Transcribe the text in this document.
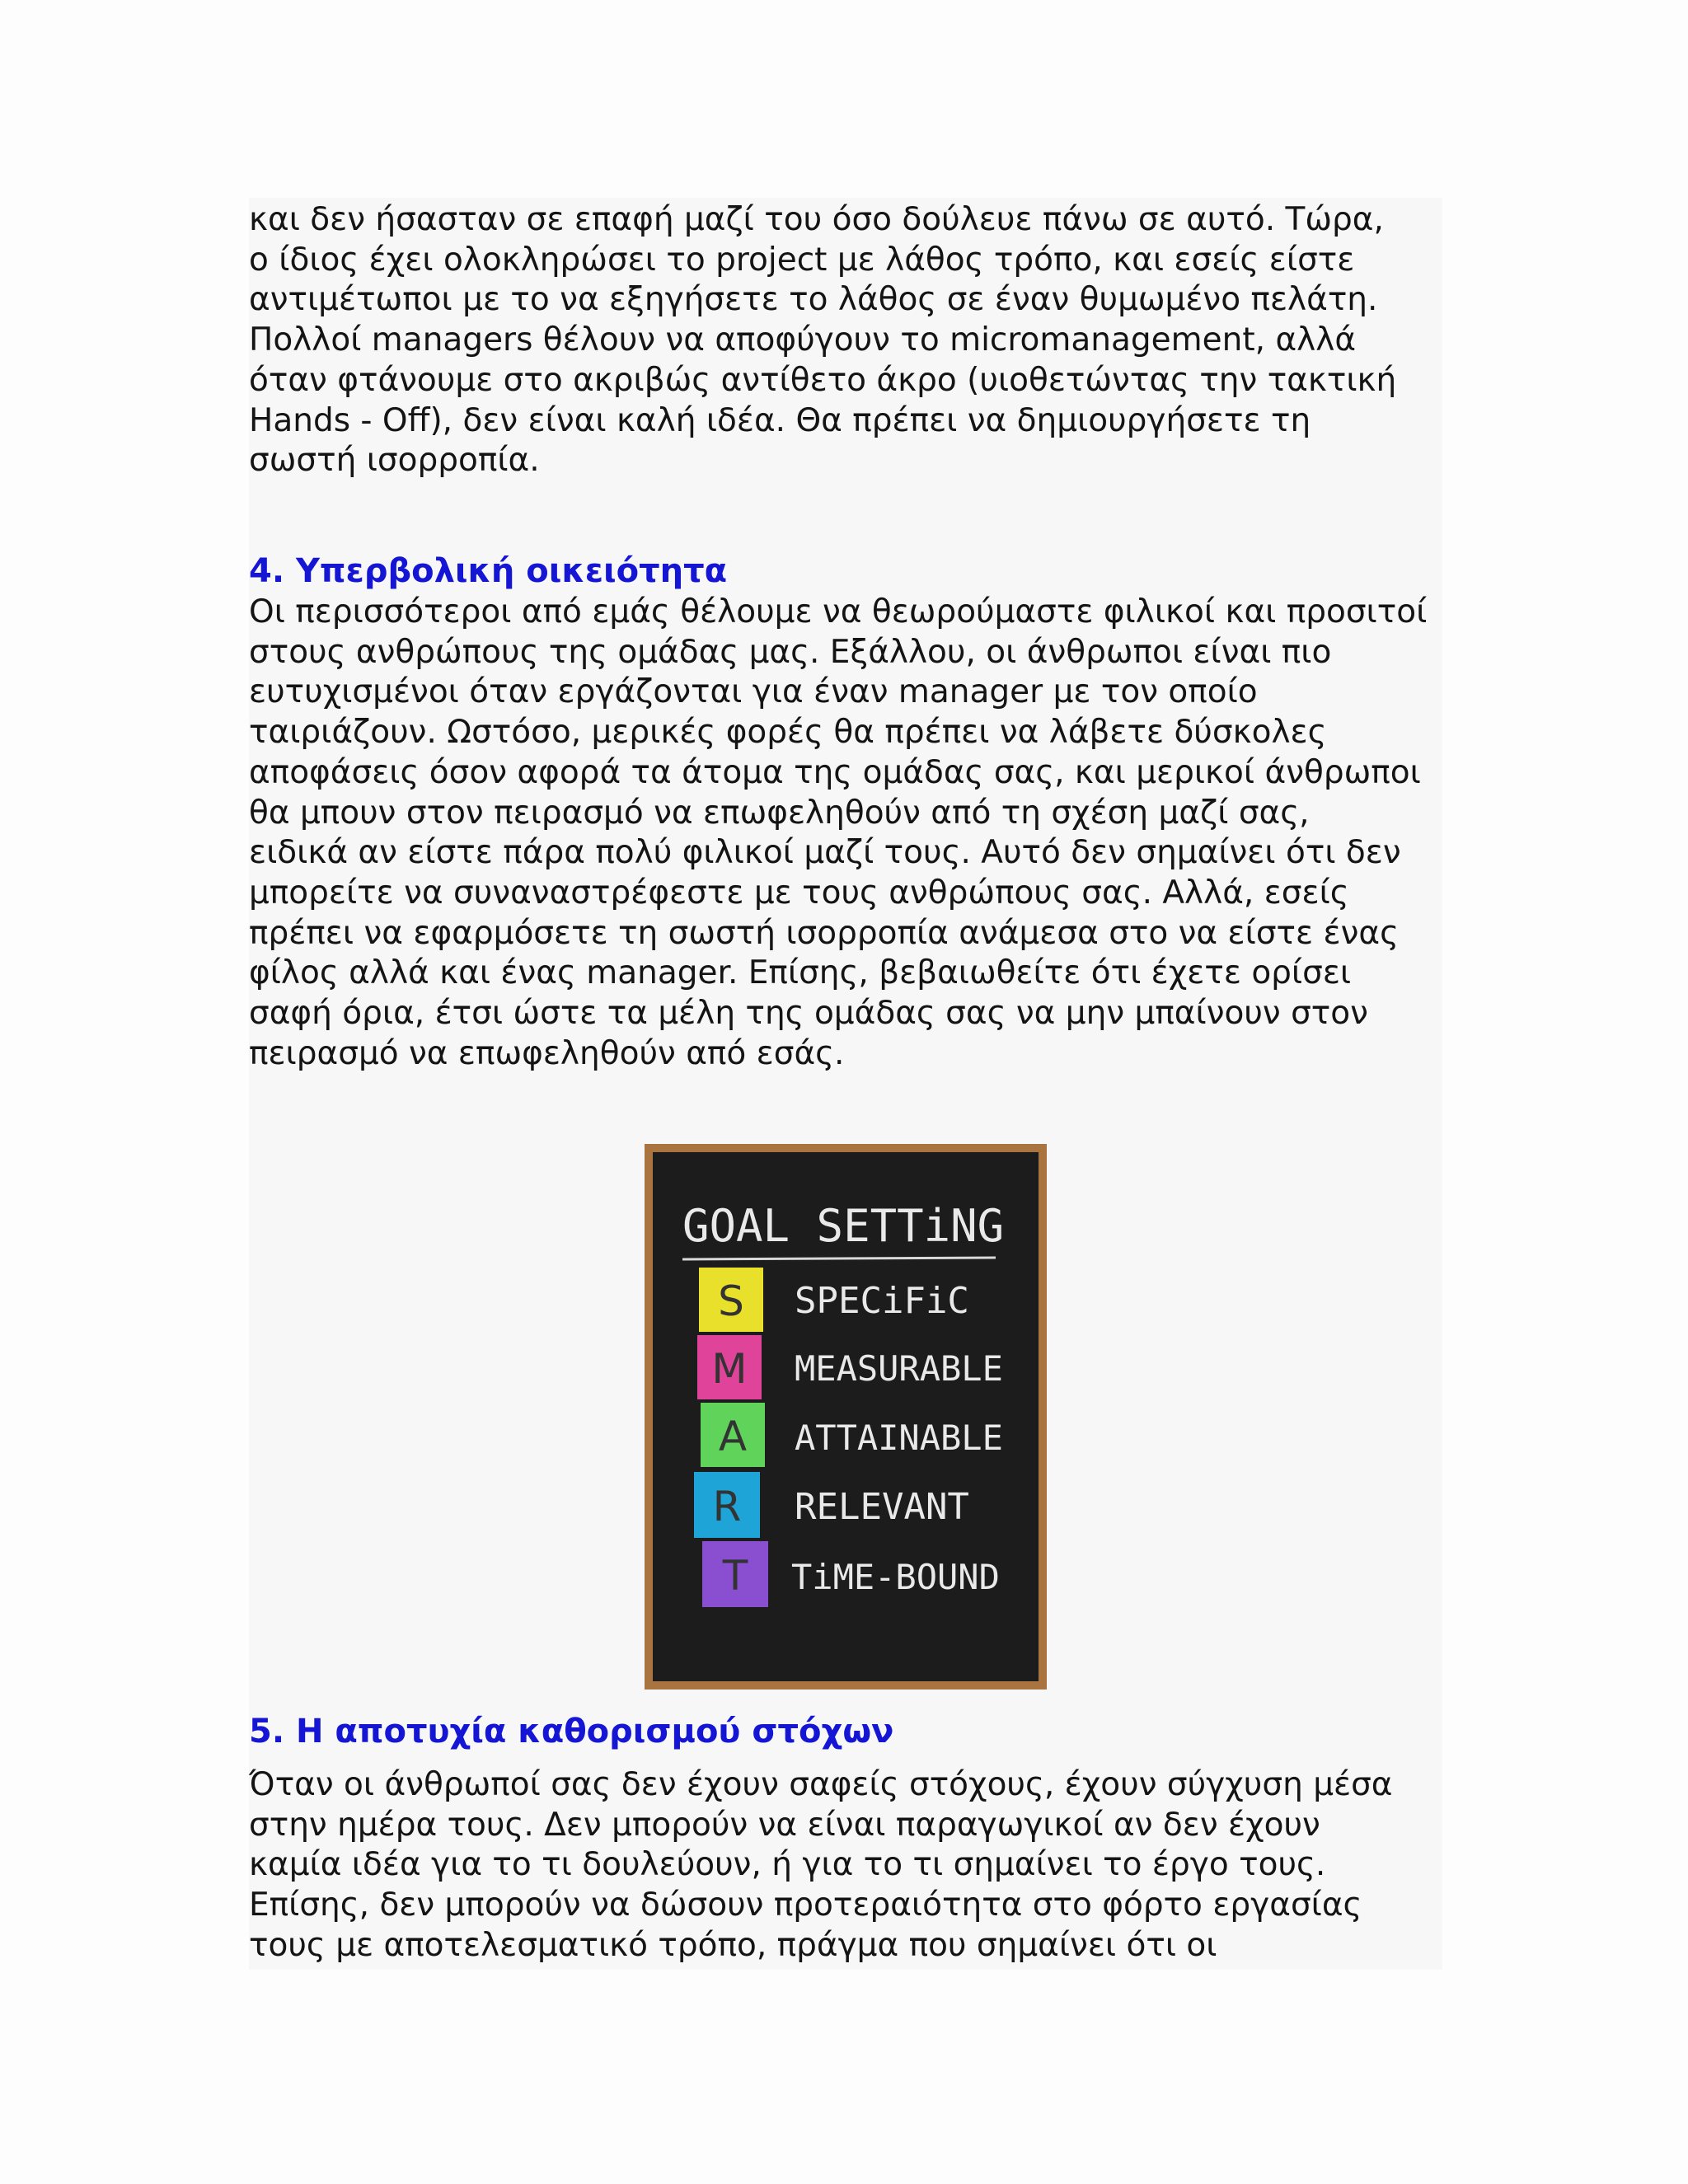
και δεν ήσασταν σε επαφή μαζί του όσο δούλευε πάνω σε αυτό. Τώρα,
ο ίδιος έχει ολοκληρώσει το project με λάθος τρόπο, και εσείς είστε
αντιμέτωποι με το να εξηγήσετε το λάθος σε έναν θυμωμένο πελάτη.
Πολλοί managers θέλουν να αποφύγουν το micromanagement, αλλά
όταν φτάνουμε στο ακριβώς αντίθετο άκρο (υιοθετώντας την τακτική
Hands - Off), δεν είναι καλή ιδέα. Θα πρέπει να δημιουργήσετε τη
σωστή ισορροπία.

4. Υπερβολική οικειότητα

Οι περισσότεροι από εμάς θέλουμε να θεωρούμαστε φιλικοί και προσιτοί
στους ανθρώπους της ομάδας μας. Εξάλλου, οι άνθρωποι είναι πιο
ευτυχισμένοι όταν εργάζονται για έναν manager με τον οποίο
ταιριάζουν. Ωστόσο, μερικές φορές θα πρέπει να λάβετε δύσκολες
αποφάσεις όσον αφορά τα άτομα της ομάδας σας, και μερικοί άνθρωποι
θα μπουν στον πειρασμό να επωφεληθούν από τη σχέση μαζί σας,
ειδικά αν είστε πάρα πολύ φιλικοί μαζί τους. Αυτό δεν σημαίνει ότι δεν
μπορείτε να συναναστρέφεστε με τους ανθρώπους σας. Αλλά, εσείς
πρέπει να εφαρμόσετε τη σωστή ισορροπία ανάμεσα στο να είστε ένας
φίλος αλλά και ένας manager. Επίσης, βεβαιωθείτε ότι έχετε ορίσει
σαφή όρια, έτσι ώστε τα μέλη της ομάδας σας να μην μπαίνουν στον
πειρασμό να επωφεληθούν από εσάς.

GOAL SETTiNG
S SPECiFiC
M MEASURABLE
A ATTAINABLE
R RELEVANT
T TiME-BOUND
5. Η αποτυχία καθορισμού στόχων

Όταν οι άνθρωποί σας δεν έχουν σαφείς στόχους, έχουν σύγχυση μέσα
στην ημέρα τους. Δεν μπορούν να είναι παραγωγικοί αν δεν έχουν
καμία ιδέα για το τι δουλεύουν, ή για το τι σημαίνει το έργο τους.
Επίσης, δεν μπορούν να δώσουν προτεραιότητα στο φόρτο εργασίας
τους με αποτελεσματικό τρόπο, πράγμα που σημαίνει ότι οι
